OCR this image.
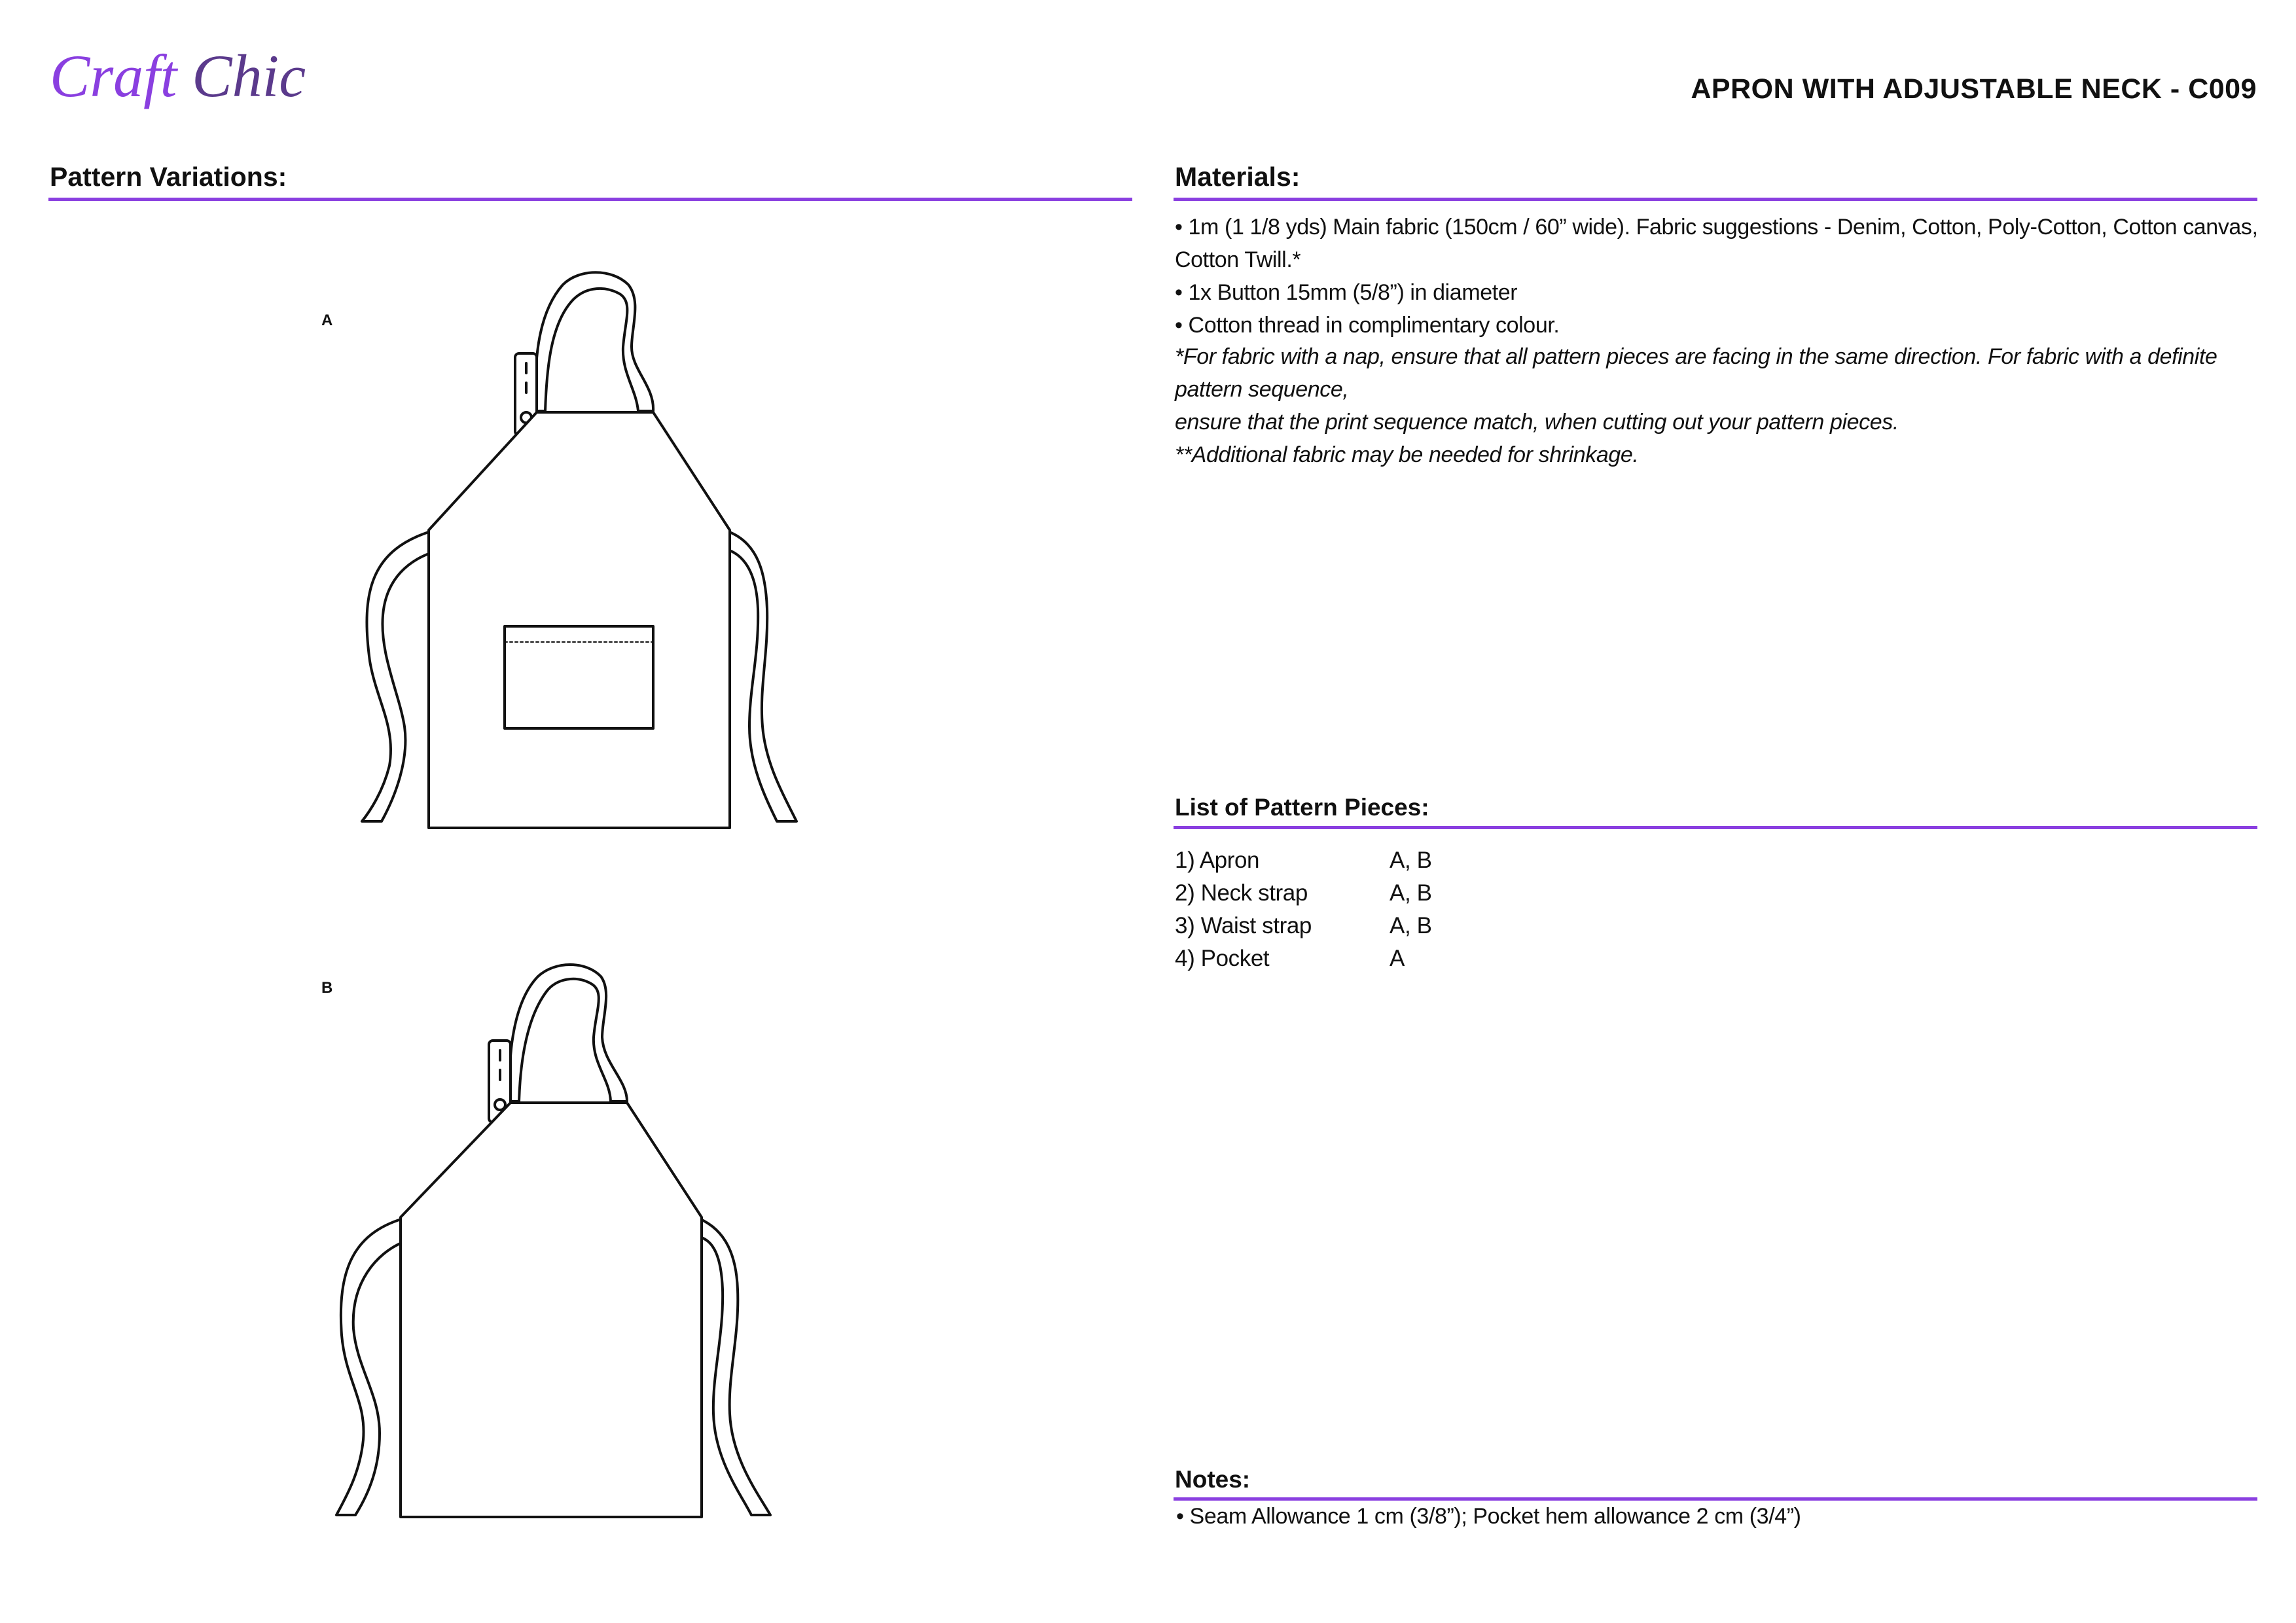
Craft Chic	APRON WITH ADJUSTABLE NECK - C009
Pattern Variations:
A
B
Materials:
• 1m (1 1/8 yds) Main fabric (150cm / 60” wide). Fabric suggestions - Denim, Cotton, Poly-Cotton, Cotton canvas, Cotton Twill.*
• 1x Button 15mm (5/8”) in diameter
• Cotton thread in complimentary colour.
*For fabric with a nap, ensure that all pattern pieces are facing in the same direction. For fabric with a definite pattern sequence,
ensure that the print sequence match, when cutting out your pattern pieces.
**Additional fabric may be needed for shrinkage.
List of Pattern Pieces:
1) Apron	A, B
2) Neck strap	A, B
3) Waist strap	A, B
4) Pocket	A
Notes:
• Seam Allowance 1 cm (3/8”); Pocket hem allowance 2 cm (3/4”)
